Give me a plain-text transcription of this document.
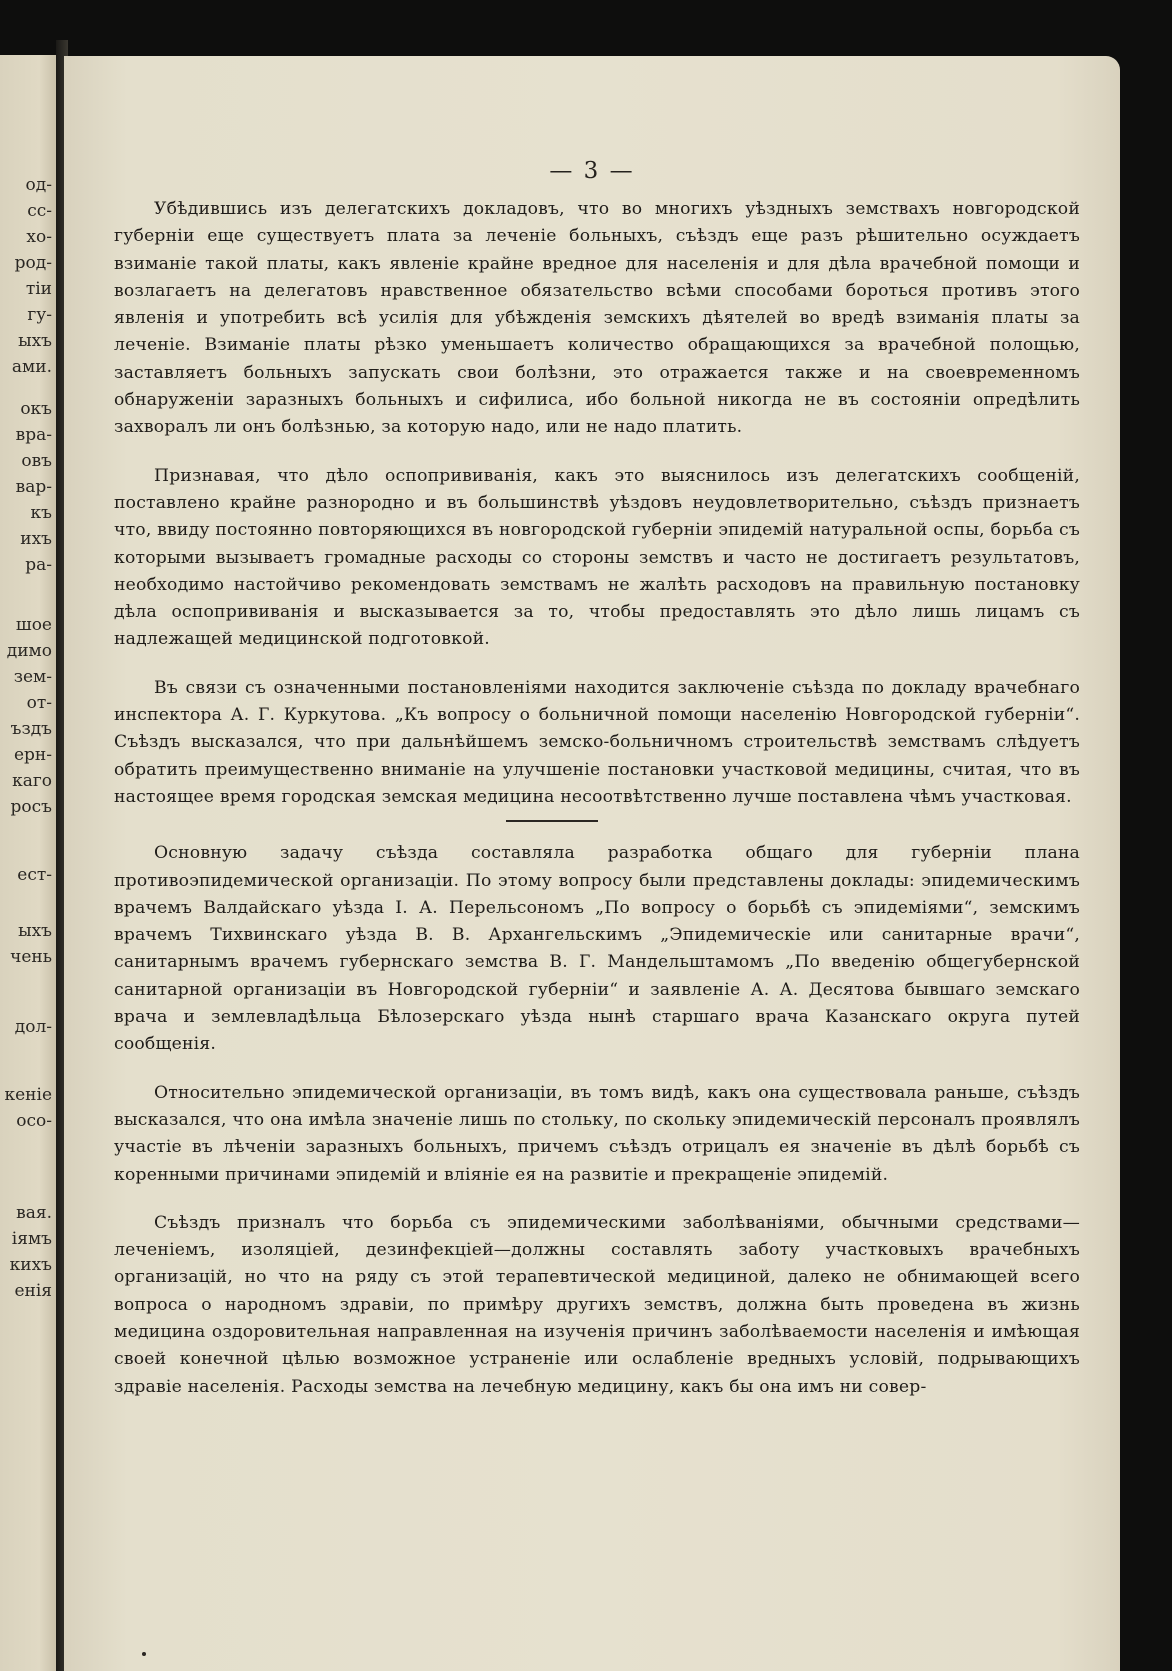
од-
сс-
хо-
род-
тіи
гу-
ыхъ
ами.
окъ
вра-
овъ
вар-
къ
ихъ
ра-
шое
димо
зем-
от-
ъздъ
ерн-
каго
росъ
ест-
ыхъ
чень
дол-
кеніе
осо-
вая.
іямъ
кихъ
енія
— 3 —

Убѣдившись изъ делегатскихъ докладовъ, что во многихъ уѣздныхъ земствахъ новгородской губерніи еще существуетъ плата за леченіе больныхъ, съѣздъ еще разъ рѣшительно осуждаетъ взиманіе такой платы, какъ явленіе крайне вредное для населенія и для дѣла врачебной помощи и возлагаетъ на делегатовъ нравственное обязательство всѣми способами бороться противъ этого явленія и употребить всѣ усилія для убѣжденія земскихъ дѣятелей во вредѣ взиманія платы за леченіе. Взиманіе платы рѣзко уменьшаетъ количество обращающихся за врачебной полощью, заставляетъ больныхъ запускать свои болѣзни, это отражается также и на своевременномъ обнаруженіи заразныхъ больныхъ и сифилиса, ибо больной никогда не въ состояніи опредѣлить захворалъ ли онъ болѣзнью, за которую надо, или не надо платить.

Признавая, что дѣло оспопрививанія, какъ это выяснилось изъ делегатскихъ сообщеній, поставлено крайне разнородно и въ большинствѣ уѣздовъ неудовлетворительно, съѣздъ признаетъ что, ввиду постоянно повторяющихся въ новгородской губерніи эпидемій натуральной оспы, борьба съ которыми вызываетъ громадные расходы со стороны земствъ и часто не достигаетъ результатовъ, необходимо настойчиво рекомендовать земствамъ не жалѣть расходовъ на правильную постановку дѣла оспопрививанія и высказывается за то, чтобы предоставлять это дѣло лишь лицамъ съ надлежащей медицинской подготовкой.

Въ связи съ означенными постановленіями находится заключеніе съѣзда по докладу врачебнаго инспектора А. Г. Куркутова. „Къ вопросу о больничной помощи населенію Новгородской губерніи“. Съѣздъ высказался, что при дальнѣйшемъ земско-больничномъ строительствѣ земствамъ слѣдуетъ обратить преимущественно вниманіе на улучшеніе постановки участковой медицины, считая, что въ настоящее время городская земская медицина несоотвѣтственно лучше поставлена чѣмъ участковая.

Основную задачу съѣзда составляла разработка общаго для губерніи плана противоэпидемической организаціи. По этому вопросу были представлены доклады: эпидемическимъ врачемъ Валдайскаго уѣзда І. А. Перельсономъ „По вопросу о борьбѣ съ эпидеміями“, земскимъ врачемъ Тихвинскаго уѣзда В. В. Архангельскимъ „Эпидемическіе или санитарные врачи“, санитарнымъ врачемъ губернскаго земства В. Г. Мандельштамомъ „По введенію общегубернской санитарной организаціи въ Новгородской губерніи“ и заявленіе А. А. Десятова бывшаго земскаго врача и землевладѣльца Бѣлозерскаго уѣзда нынѣ старшаго врача Казанскаго округа путей сообщенія.

Относительно эпидемической организаціи, въ томъ видѣ, какъ она существовала раньше, съѣздъ высказался, что она имѣла значеніе лишь по стольку, по скольку эпидемическій персоналъ проявлялъ участіе въ лѣченіи заразныхъ больныхъ, причемъ съѣздъ отрицалъ ея значеніе въ дѣлѣ борьбѣ съ коренными причинами эпидемій и вліяніе ея на развитіе и прекращеніе эпидемій.

Съѣздъ призналъ что борьба съ эпидемическими заболѣваніями, обычными средствами— леченіемъ, изоляціей, дезинфекціей—должны составлять заботу участковыхъ врачебныхъ организацій, но что на ряду съ этой терапевтической медициной, далеко не обнимающей всего вопроса о народномъ здравіи, по примѣру другихъ земствъ, должна быть проведена въ жизнь медицина оздоровительная направленная на изученія причинъ заболѣваемости населенія и имѣющая своей конечной цѣлью возможное устраненіе или ослабленіе вредныхъ условій, подрывающихъ здравіе населенія. Расходы земства на лечебную медицину, какъ бы она имъ ни совер-
